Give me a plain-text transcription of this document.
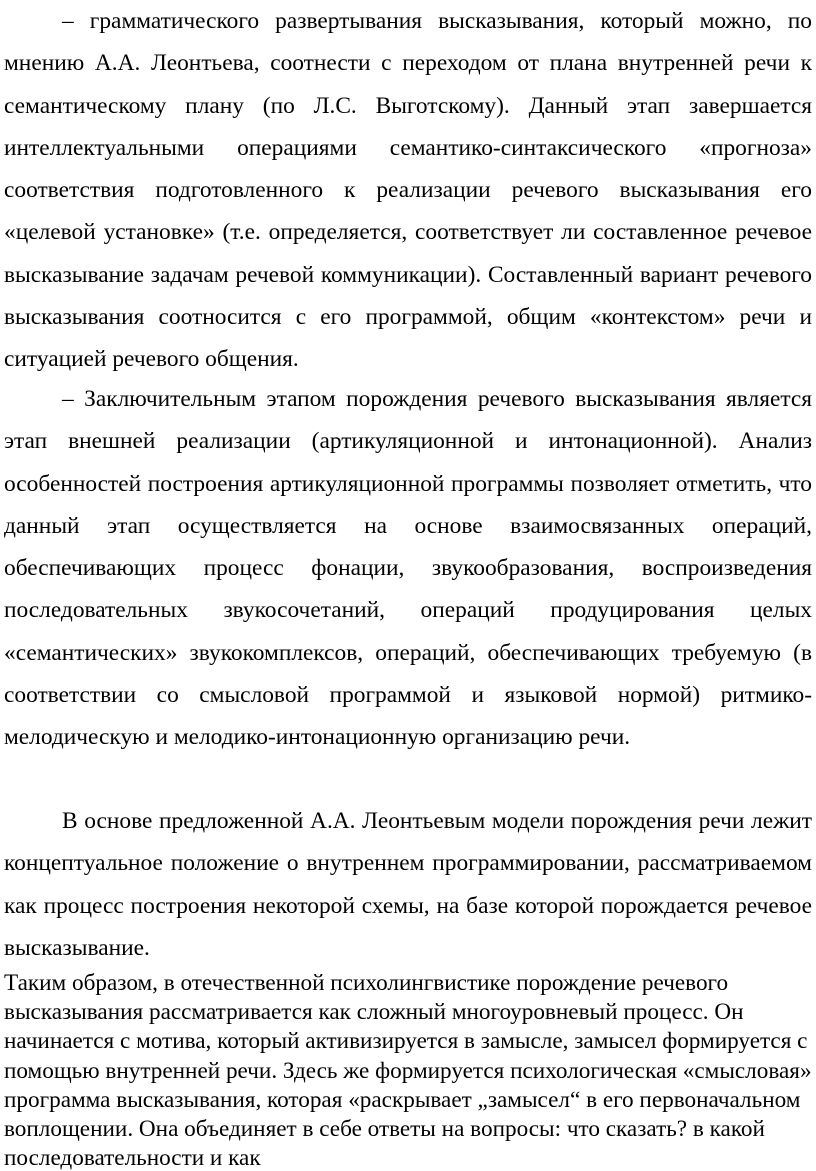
– грамматического развертывания высказывания, который можно, по мнению А.А. Леонтьева, соотнести с переходом от плана внутренней речи к семантическому плану (по Л.С. Выготскому). Данный этап завершается интеллектуальными операциями семантико-синтаксического «прогноза» соответствия подготовленного к реализации речевого высказывания его «целевой установке» (т.е. определяется, соответствует ли составленное речевое высказывание задачам речевой коммуникации). Составленный вариант речевого высказывания соотносится с его программой, общим «контекстом» речи и ситуацией речевого общения.

– Заключительным этапом порождения речевого высказывания является этап внешней реализации (артикуляционной и интонационной). Анализ особенностей построения артикуляционной программы позволяет отметить, что данный этап осуществляется на основе взаимосвязанных операций, обеспечивающих процесс фонации, звукообразования, воспроизведения последовательных звукосочетаний, операций продуцирования целых «семантических» звукокомплексов, операций, обеспечивающих требуемую (в соответствии со смысловой программой и языковой нормой) ритмико-мелодическую и мелодико-интонационную организацию речи.

В основе предложенной А.А. Леонтьевым модели порождения речи лежит концептуальное положение о внутреннем программировании, рассматриваемом как процесс построения некоторой схемы, на базе которой порождается речевое высказывание.

Таким образом, в отечественной психолингвистике порождение речевого высказывания рассматривается как сложный многоуровневый процесс. Он начинается с мотива, который активизируется в замысле, замысел формируется с помощью внутренней речи. Здесь же формируется психологическая «смысловая» программа высказывания, которая «раскрывает „замысел“ в его первоначальном воплощении. Она объединяет в себе ответы на вопросы: что сказать? в какой последовательности и как
